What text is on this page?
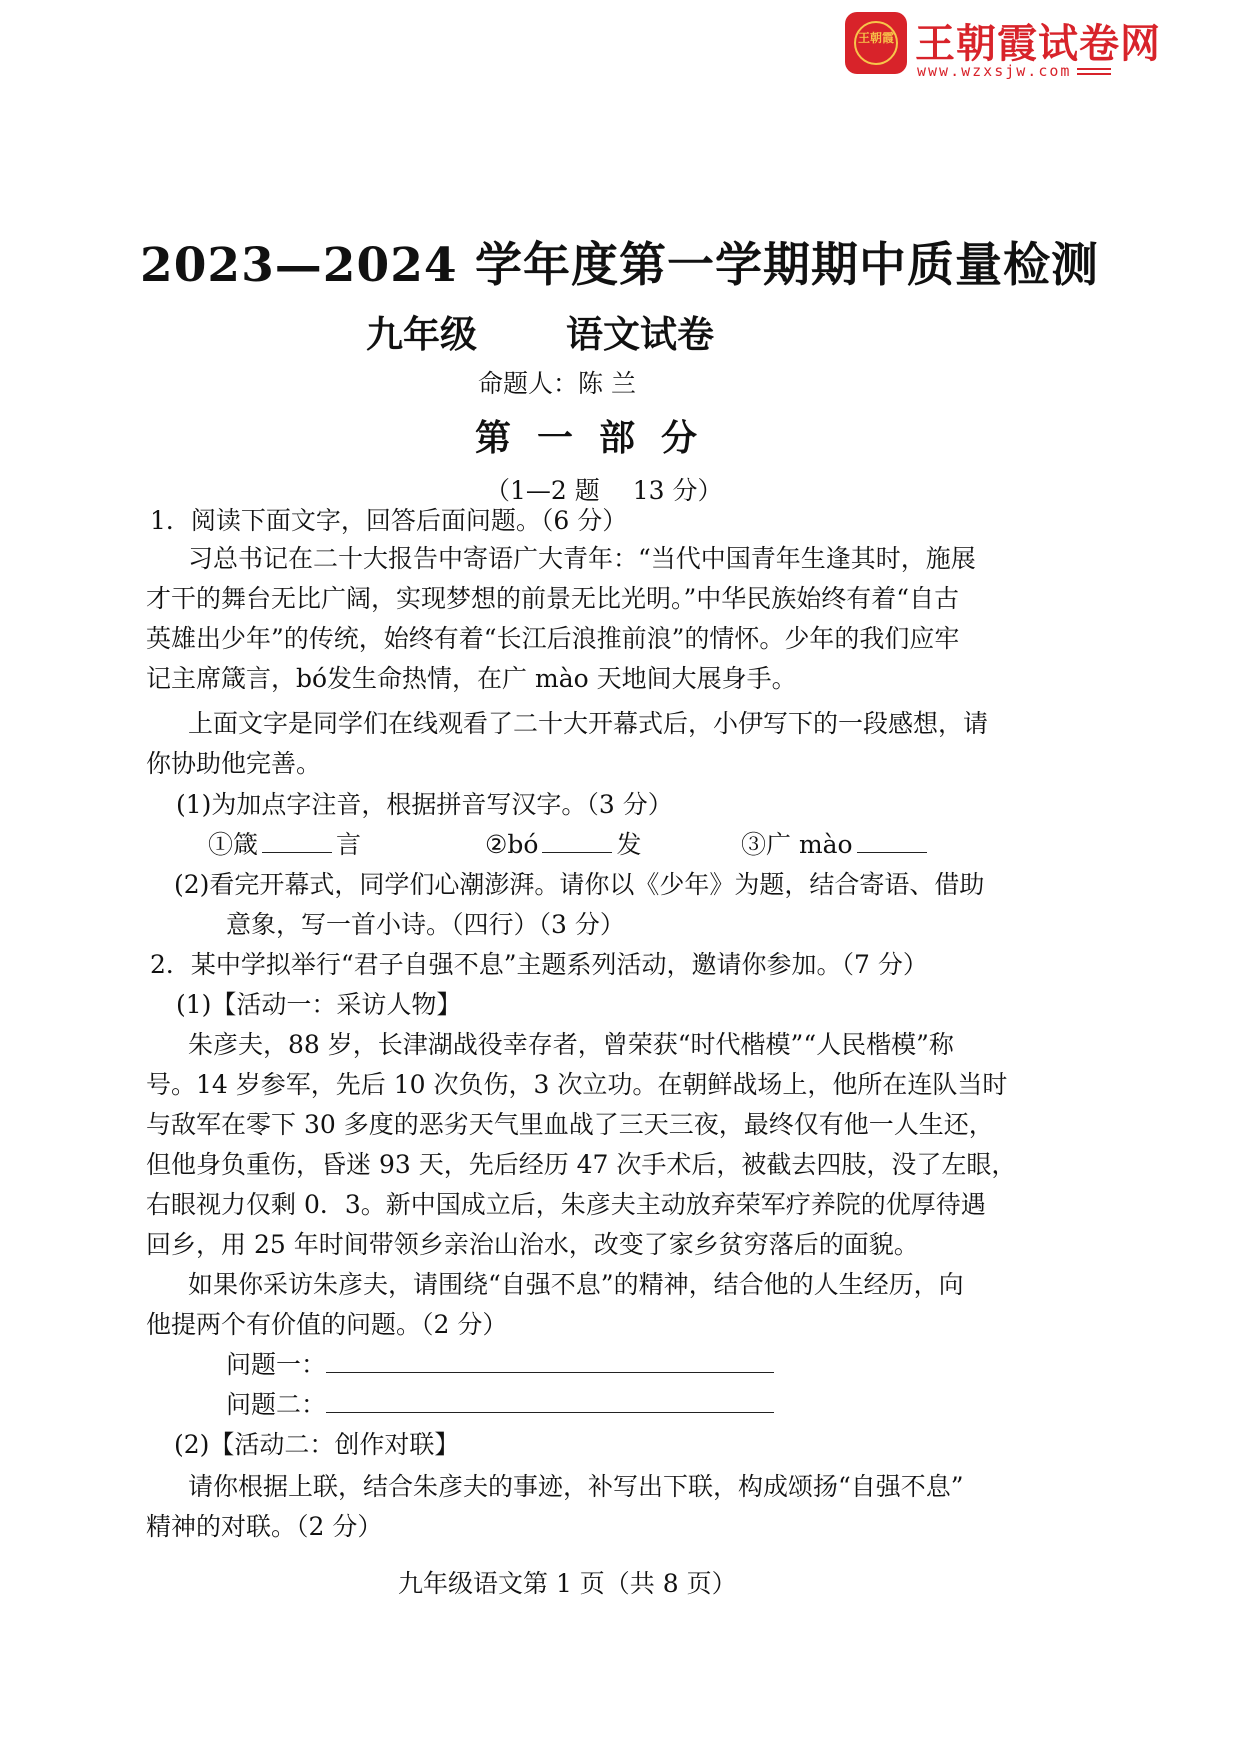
王朝霞 王朝霞试卷网
www.wzxsjw.com
2023—2024 学年度第一学期期中质量检测
九年级 语文试卷
命题人：陈 兰
第一部分
（1—2 题　 13 分）
1．阅读下面文字，回答后面问题。（6 分）
习总书记在二十大报告中寄语广大青年：“当代中国青年生逢其时，施展
才干的舞台无比广阔，实现梦想的前景无比光明。”中华民族始终有着“自古
英雄出少年”的传统，始终有着“长江后浪推前浪”的情怀。少年的我们应牢
记主席箴言，bó发生命热情，在广 mào 天地间大展身手。
上面文字是同学们在线观看了二十大开幕式后，小伊写下的一段感想，请
你协助他完善。
(1)为加点字注音，根据拼音写汉字。（3 分）
①箴	言	②bó	发	③广 mào
(2)看完开幕式，同学们心潮澎湃。请你以《少年》为题，结合寄语、借助
意象，写一首小诗。（四行）（3 分）
2．某中学拟举行“君子自强不息”主题系列活动，邀请你参加。（7 分）
(1)【活动一：采访人物】
朱彦夫，88 岁，长津湖战役幸存者，曾荣获“时代楷模”“人民楷模”称
号。14 岁参军，先后 10 次负伤，3 次立功。在朝鲜战场上，他所在连队当时
与敌军在零下 30 多度的恶劣天气里血战了三天三夜，最终仅有他一人生还，
但他身负重伤，昏迷 93 天，先后经历 47 次手术后，被截去四肢，没了左眼，
右眼视力仅剩 0．3。新中国成立后，朱彦夫主动放弃荣军疗养院的优厚待遇
回乡，用 25 年时间带领乡亲治山治水，改变了家乡贫穷落后的面貌。
如果你采访朱彦夫，请围绕“自强不息”的精神，结合他的人生经历，向
他提两个有价值的问题。（2 分）
问题一：
问题二：
(2)【活动二：创作对联】
请你根据上联，结合朱彦夫的事迹，补写出下联，构成颂扬“自强不息”
精神的对联。（2 分）
九年级语文第 1 页（共 8 页）
